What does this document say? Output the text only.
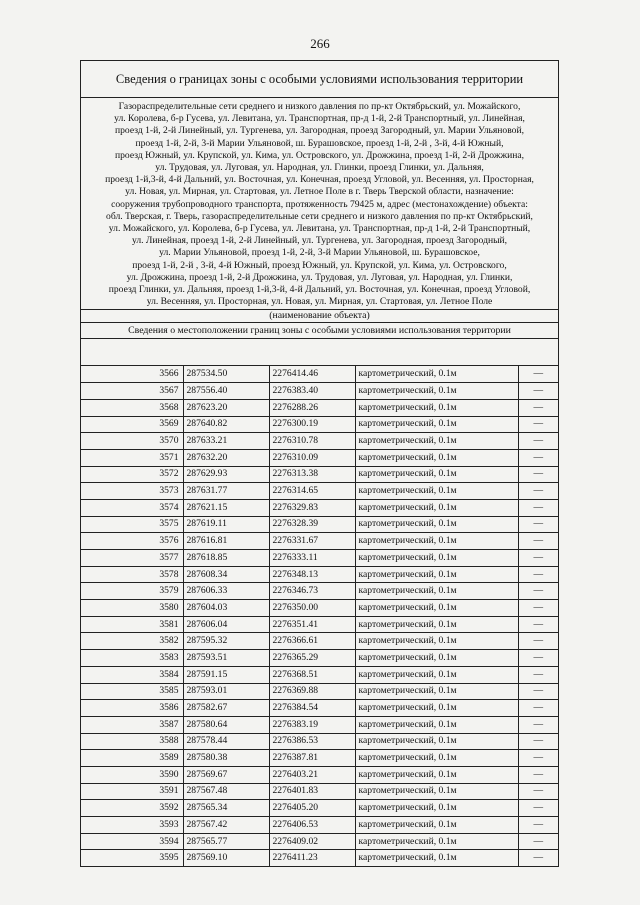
266
Сведения о границах зоны с особыми условиями использования территории
Газораспределительные сети среднего и низкого давления по пр-кт Октябрьский, ул. Можайского,
ул. Королева, б-р Гусева, ул. Левитана, ул. Транспортная, пр-д 1-й, 2-й Транспортный, ул. Линейная,
проезд 1-й, 2-й Линейный, ул. Тургенева, ул. Загородная, проезд Загородный, ул. Марии Ульяновой,
проезд 1-й, 2-й, 3-й Марии Ульяновой, ш. Бурашовское, проезд 1-й, 2-й , 3-й, 4-й Южный,
проезд Южный, ул. Крупской, ул. Кима, ул. Островского, ул. Дрожжина, проезд 1-й, 2-й Дрожжина,
ул. Трудовая, ул. Луговая, ул. Народная, ул. Глинки, проезд Глинки, ул. Дальняя,
проезд 1-й,3-й, 4-й Дальний, ул. Восточная, ул. Конечная, проезд Угловой, ул. Весенняя, ул. Просторная,
ул. Новая, ул. Мирная, ул. Стартовая, ул. Летное Поле в г. Тверь Тверской области, назначение:
сооружения трубопроводного транспорта, протяженность 79425 м, адрес (местонахождение) объекта:
обл. Тверская, г. Тверь, газораспределительные сети среднего и низкого давления по пр-кт Октябрьский,
ул. Можайского, ул. Королева, б-р Гусева, ул. Левитана, ул. Транспортная, пр-д 1-й, 2-й Транспортный,
ул. Линейная, проезд 1-й, 2-й Линейный, ул. Тургенева, ул. Загородная, проезд Загородный,
ул. Марии Ульяновой, проезд 1-й, 2-й, 3-й Марии Ульяновой, ш. Бурашовское,
проезд 1-й, 2-й , 3-й, 4-й Южный, проезд Южный, ул. Крупской, ул. Кима, ул. Островского,
ул. Дрожжина, проезд 1-й, 2-й Дрожжина, ул. Трудовая, ул. Луговая, ул. Народная, ул. Глинки,
проезд Глинки, ул. Дальняя, проезд 1-й,3-й, 4-й Дальний, ул. Восточная, ул. Конечная, проезд Угловой,
ул. Весенняя, ул. Просторная, ул. Новая, ул. Мирная, ул. Стартовая, ул. Летное Поле
(наименование объекта)
Сведения о местоположении границ зоны с особыми условиями использования территории
3566	287534.50	2276414.46	картометрический, 0.1м	—
3567	287556.40	2276383.40	картометрический, 0.1м	—
3568	287623.20	2276288.26	картометрический, 0.1м	—
3569	287640.82	2276300.19	картометрический, 0.1м	—
3570	287633.21	2276310.78	картометрический, 0.1м	—
3571	287632.20	2276310.09	картометрический, 0.1м	—
3572	287629.93	2276313.38	картометрический, 0.1м	—
3573	287631.77	2276314.65	картометрический, 0.1м	—
3574	287621.15	2276329.83	картометрический, 0.1м	—
3575	287619.11	2276328.39	картометрический, 0.1м	—
3576	287616.81	2276331.67	картометрический, 0.1м	—
3577	287618.85	2276333.11	картометрический, 0.1м	—
3578	287608.34	2276348.13	картометрический, 0.1м	—
3579	287606.33	2276346.73	картометрический, 0.1м	—
3580	287604.03	2276350.00	картометрический, 0.1м	—
3581	287606.04	2276351.41	картометрический, 0.1м	—
3582	287595.32	2276366.61	картометрический, 0.1м	—
3583	287593.51	2276365.29	картометрический, 0.1м	—
3584	287591.15	2276368.51	картометрический, 0.1м	—
3585	287593.01	2276369.88	картометрический, 0.1м	—
3586	287582.67	2276384.54	картометрический, 0.1м	—
3587	287580.64	2276383.19	картометрический, 0.1м	—
3588	287578.44	2276386.53	картометрический, 0.1м	—
3589	287580.38	2276387.81	картометрический, 0.1м	—
3590	287569.67	2276403.21	картометрический, 0.1м	—
3591	287567.48	2276401.83	картометрический, 0.1м	—
3592	287565.34	2276405.20	картометрический, 0.1м	—
3593	287567.42	2276406.53	картометрический, 0.1м	—
3594	287565.77	2276409.02	картометрический, 0.1м	—
3595	287569.10	2276411.23	картометрический, 0.1м	—
